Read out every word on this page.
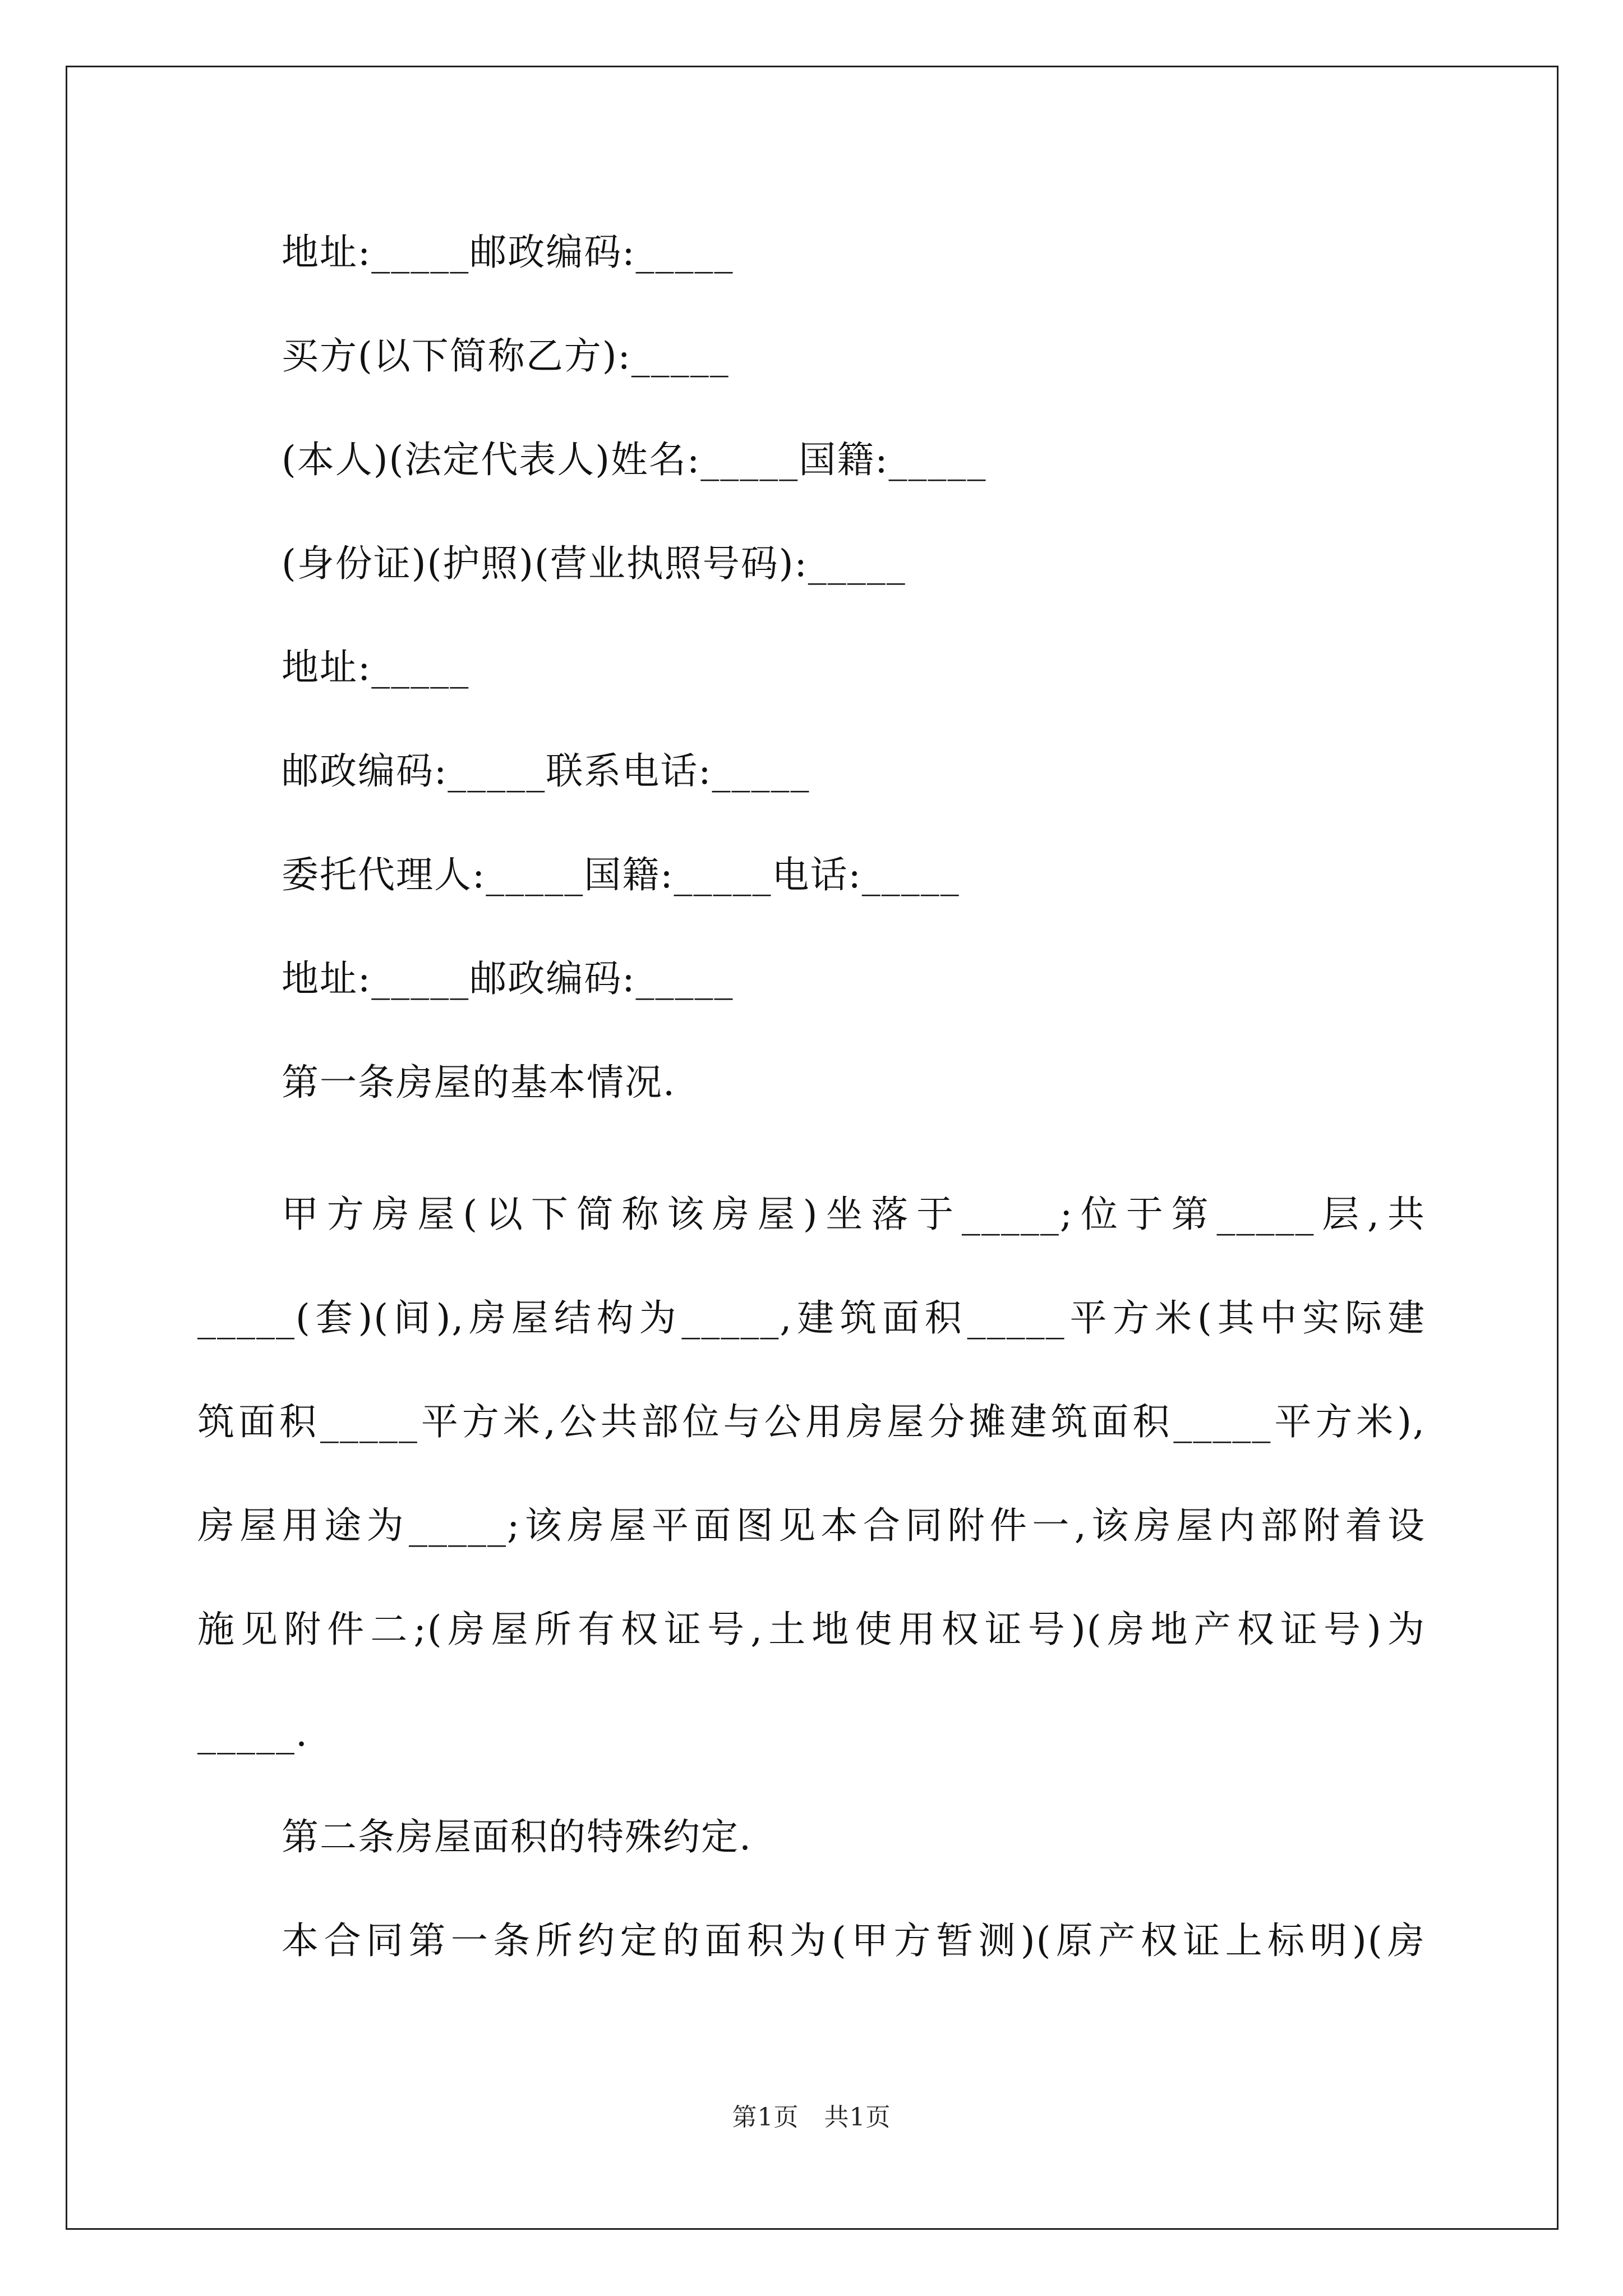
地址:_____邮政编码:_____
买方(以下简称乙方):_____
(本人)(法定代表人)姓名:_____国籍:_____
(身份证)(护照)(营业执照号码):_____
地址:_____
邮政编码:_____联系电话:_____
委托代理人:_____国籍:_____电话:_____
地址:_____邮政编码:_____
第一条房屋的基本情况.
甲方房屋(以下简称该房屋)坐落于_____;位于第_____层,共
_____(套)(间),房屋结构为_____,建筑面积_____平方米(其中实际建
筑面积_____平方米,公共部位与公用房屋分摊建筑面积_____平方米),
房屋用途为_____;该房屋平面图见本合同附件一,该房屋内部附着设
施见附件二;(房屋所有权证号,土地使用权证号)(房地产权证号)为
_____.
第二条房屋面积的特殊约定.
本合同第一条所约定的面积为(甲方暂测)(原产权证上标明)(房
第1页　共1页
